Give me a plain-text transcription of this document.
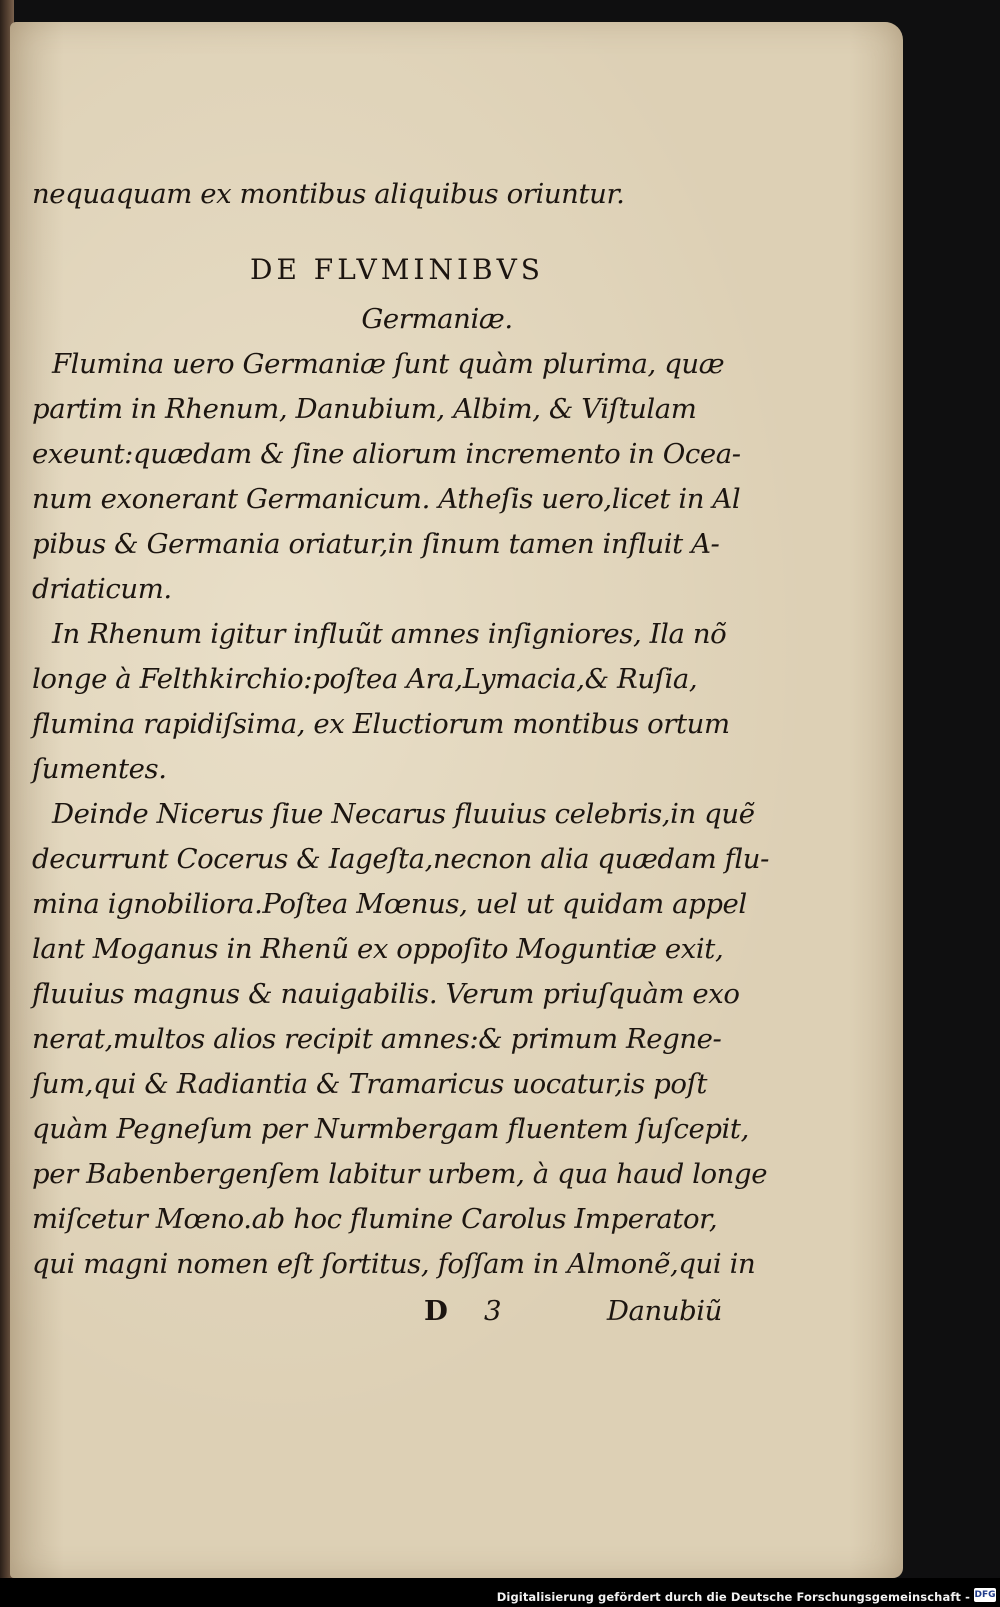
nequaquam ex montibus aliquibus oriuntur.
DE FLVMINIBVS
Germaniæ.
Flumina uero Germaniæ ſunt quàm plurima, quæ
partim in Rhenum, Danubium, Albim, & Viſtulam
exeunt:quædam & ſine aliorum incremento in Ocea-
num exonerant Germanicum. Atheſis uero,licet in Al
pibus & Germania oriatur,in ſinum tamen influit A-
driaticum.
In Rhenum igitur influũt amnes inſigniores, Ila nõ
longe à Felthkirchio:poſtea Ara,Lymacia,& Ruſia,
flumina rapidiſsima, ex Eluctiorum montibus ortum
ſumentes.
Deinde Nicerus ſiue Necarus fluuius celebris,in quẽ
decurrunt Cocerus & Iageſta,necnon alia quædam flu-
mina ignobiliora.Poſtea Mœnus, uel ut quidam appel
lant Moganus in Rhenũ ex oppoſito Moguntiæ exit,
fluuius magnus & nauigabilis. Verum priuſquàm exo
nerat,multos alios recipit amnes:& primum Regne-
ſum,qui & Radiantia & Tramaricus uocatur,is poſt
quàm Pegneſum per Nurmbergam fluentem ſuſcepit,
per Babenbergenſem labitur urbem, à qua haud longe
miſcetur Mœno.ab hoc flumine Carolus Imperator,
qui magni nomen eſt ſortitus, foſſam in Almonẽ,qui in
D 3	Danubiũ
Digitalisierung gefördert durch die Deutsche Forschungsgemeinschaft - DFG
